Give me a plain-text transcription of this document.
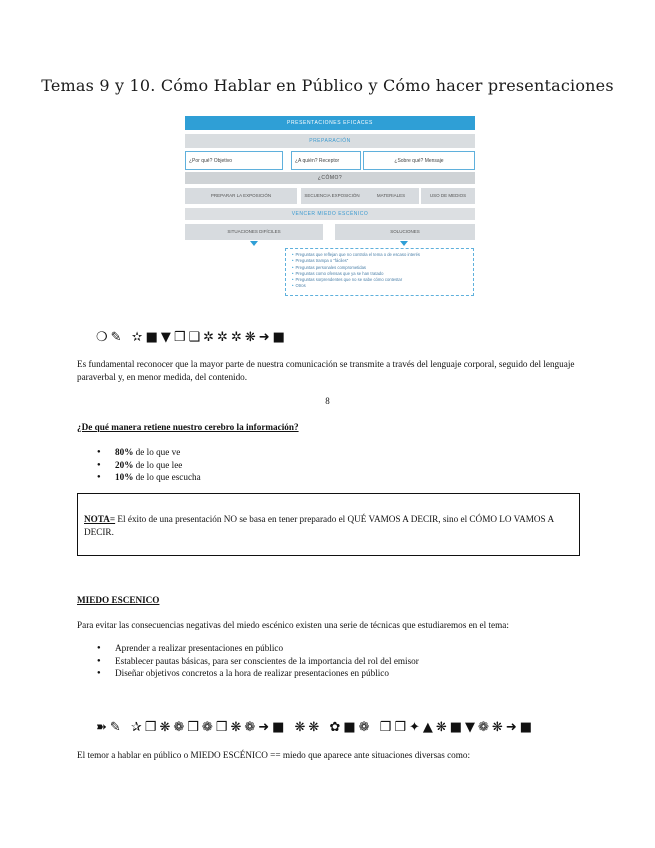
Temas 9 y 10. Cómo Hablar en Público y Cómo hacer presentaciones
PRESENTACIONES EFICACES
PREPARACIÓN
¿Por qué? Objetivo	¿A quién? Receptor	¿Sobre qué? Mensaje
¿CÓMO?
PREPARAR LA EXPOSICIÓN	SECUENCIA EXPOSICIÓN	MATERIALES	USO DE MEDIOS
VENCER MIEDO ESCÉNICO
SITUACIONES DIFÍCILES	SOLUCIONES
• Preguntas que reflejan que no controla el tema o de escaso interés
• Preguntas trampa o "fáciles"
• Preguntas personales comprometidas
• Preguntas como ofensas que ya se han tratado
• Preguntas sorprendentes que no se sabe cómo contestar
• Otros
❍✎ ✫■▼❒❑✲✲✲❋➜■
Es fundamental reconocer que la mayor parte de nuestra comunicación se transmite a través del lenguaje corporal, seguido del lenguaje paraverbal y, en menor medida, del contenido.
8
¿De qué manera retiene nuestro cerebro la información?
● 80% de lo que ve
● 20% de lo que lee
● 10% de lo que escucha
NOTA= El éxito de una presentación NO se basa en tener preparado el QUÉ VAMOS A DECIR, sino el CÓMO LO VAMOS A DECIR.
MIEDO ESCENICO
Para evitar las consecuencias negativas del miedo escénico existen una serie de técnicas que estudiaremos en el tema:
● Aprender a realizar presentaciones en público
● Establecer pautas básicas, para ser conscientes de la importancia del rol del emisor
● Diseñar objetivos concretos a la hora de realizar presentaciones en público
➽✎ ✰❒❋❁❒❁❒❋❁➜■ ❋❋ ✿■❁ ❒❒✦▲❋■▼❁❋➜■
El temor a hablar en público o MIEDO ESCÉNICO == miedo que aparece ante situaciones diversas como:
